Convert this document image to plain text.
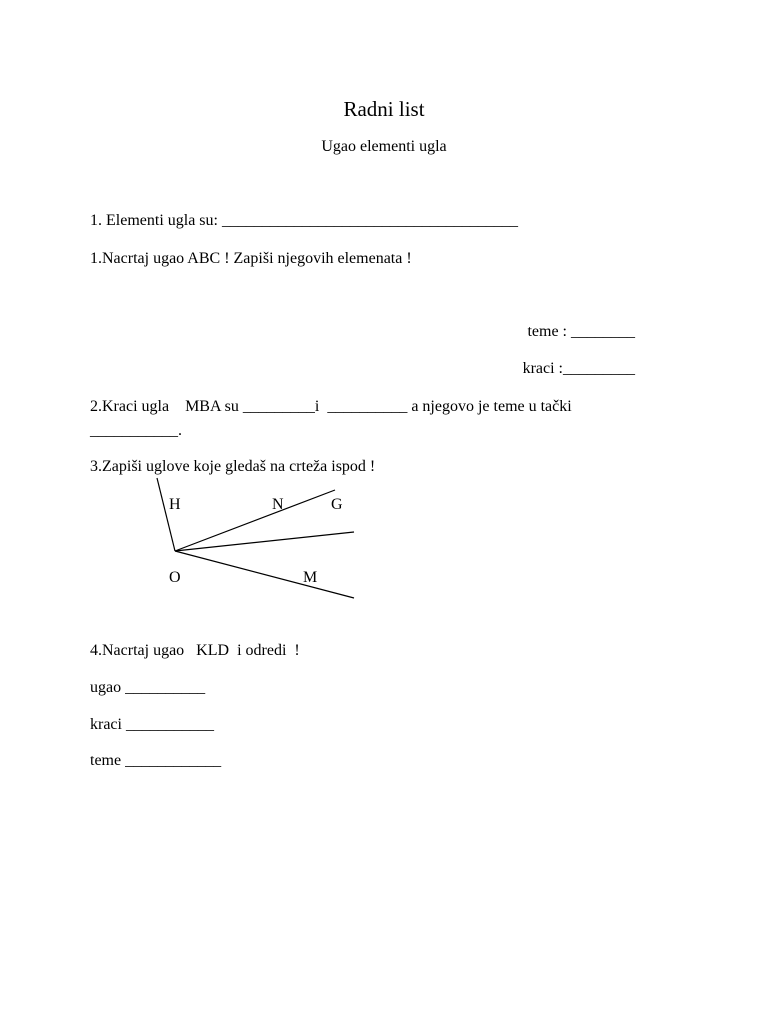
Radni list
Ugao elementi ugla
1. Elementi ugla su: _____________________________________
1.Nacrtaj ugao ABC ! Zapiši njegovih elemenata !
teme : ________
kraci :_________
2.Kraci ugla    MBA su _________i  __________ a njegovo je teme u tački
___________.
3.Zapiši uglove koje gledaš na crteža ispod !
H	N	G
O	M
4.Nacrtaj ugao   KLD  i odredi  !
ugao __________
kraci ___________
teme ____________
